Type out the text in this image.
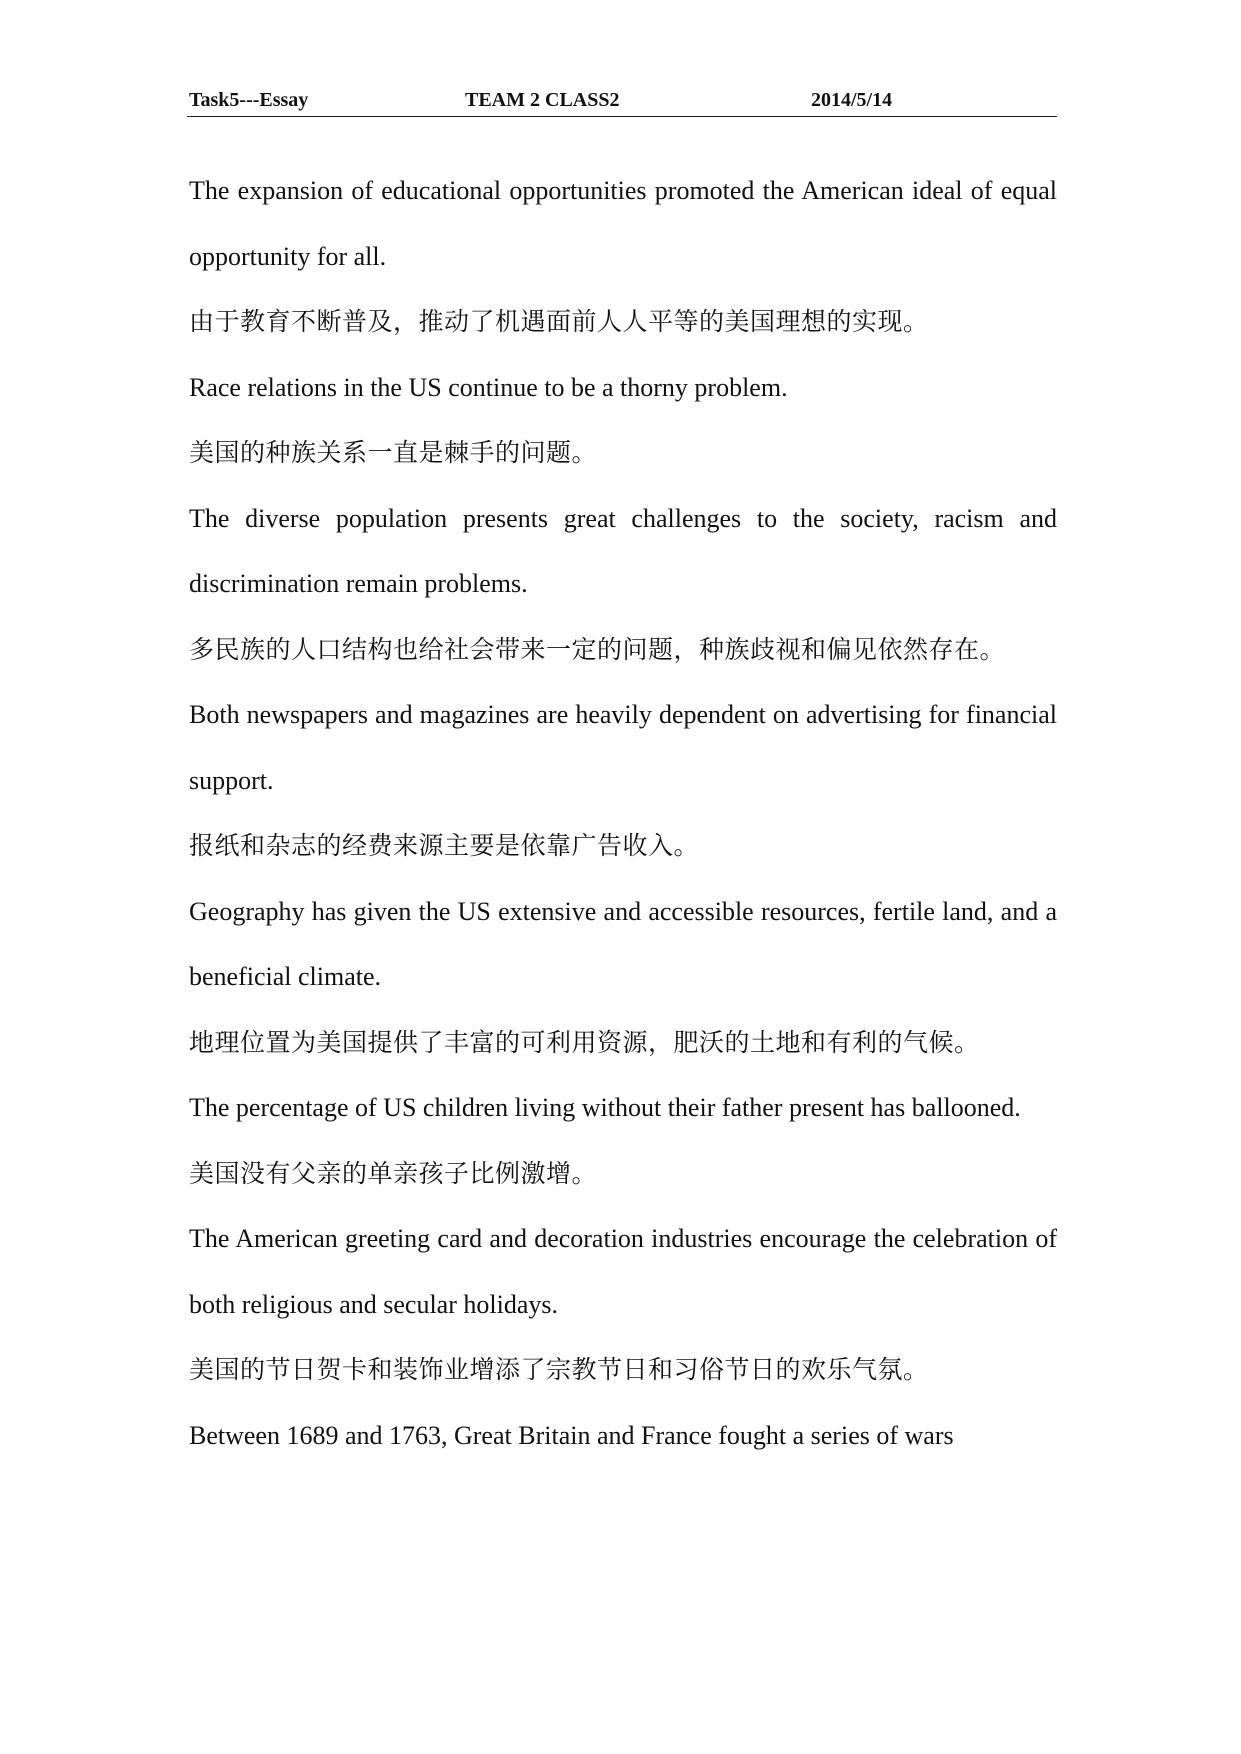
Task5---Essay	TEAM 2 CLASS2	2014/5/14

The expansion of educational opportunities promoted the American ideal of equal opportunity for all.

由于教育不断普及，推动了机遇面前人人平等的美国理想的实现。

Race relations in the US continue to be a thorny problem.

美国的种族关系一直是棘手的问题。

The diverse population presents great challenges to the society, racism and discrimination remain problems.

多民族的人口结构也给社会带来一定的问题，种族歧视和偏见依然存在。

Both newspapers and magazines are heavily dependent on advertising for financial support.

报纸和杂志的经费来源主要是依靠广告收入。

Geography has given the US extensive and accessible resources, fertile land, and a beneficial climate.

地理位置为美国提供了丰富的可利用资源，肥沃的土地和有利的气候。

The percentage of US children living without their father present has ballooned.

美国没有父亲的单亲孩子比例激增。

The American greeting card and decoration industries encourage the celebration of both religious and secular holidays.

美国的节日贺卡和装饰业增添了宗教节日和习俗节日的欢乐气氛。

Between 1689 and 1763, Great Britain and France fought a series of wars
